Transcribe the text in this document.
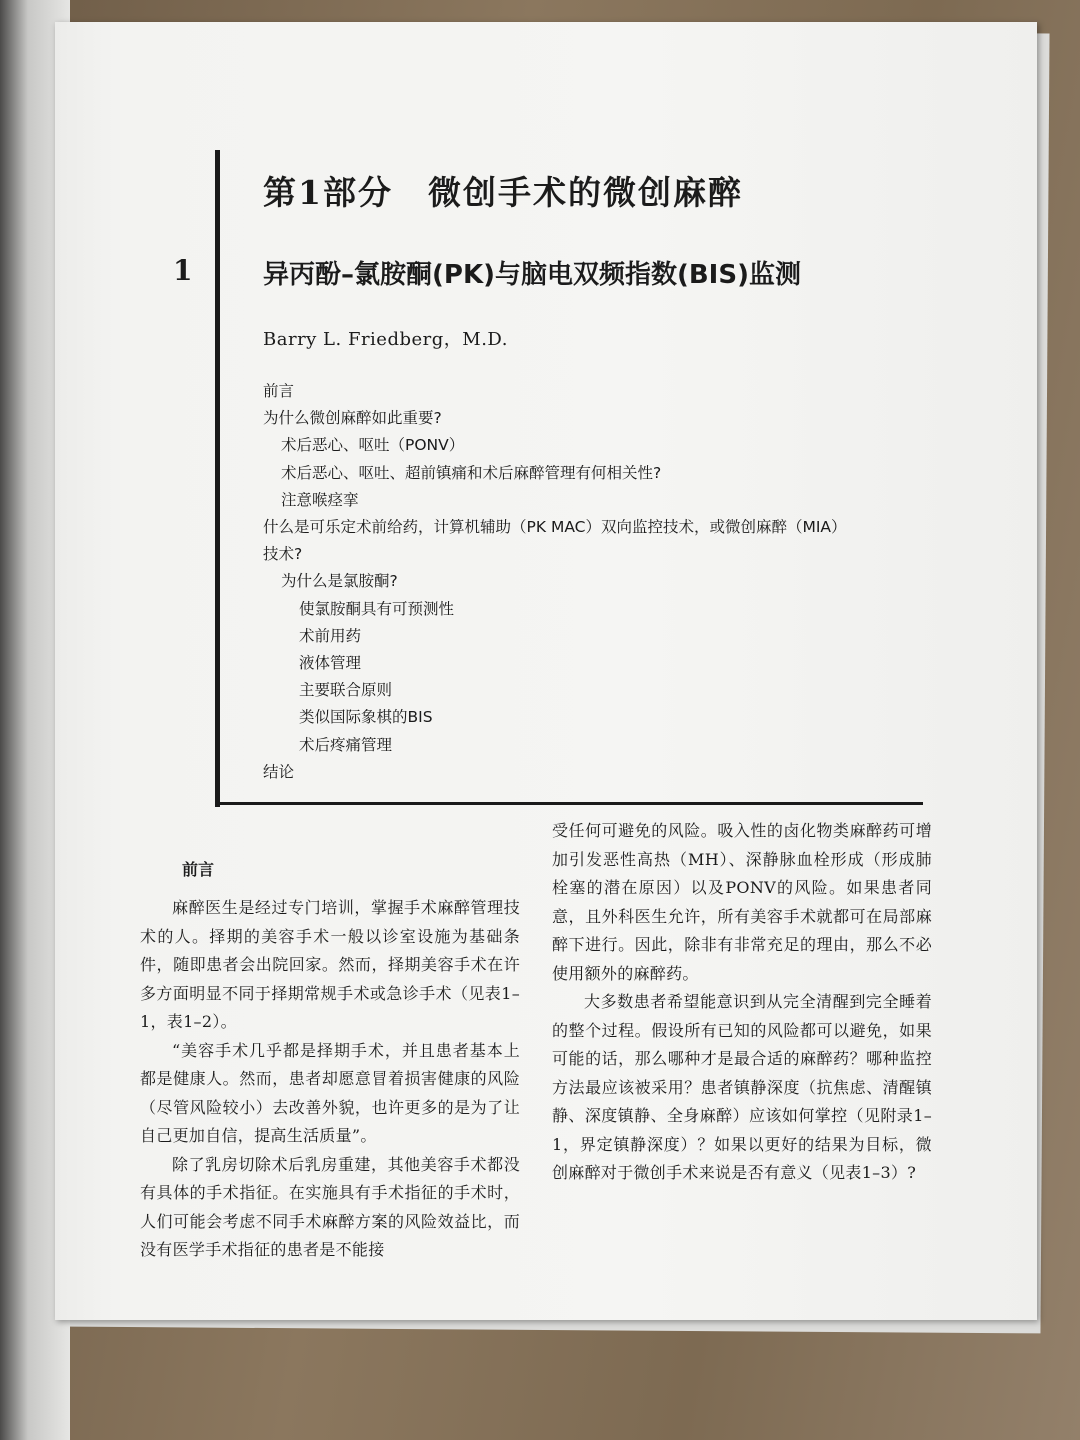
第1部分　微创手术的微创麻醉
1	异丙酚–氯胺酮(PK)与脑电双频指数(BIS)监测
Barry L. Friedberg，M.D.
前言
为什么微创麻醉如此重要?
术后恶心、呕吐（PONV）
术后恶心、呕吐、超前镇痛和术后麻醉管理有何相关性?
注意喉痉挛
什么是可乐定术前给药，计算机辅助（PK MAC）双向监控技术，或微创麻醉（MIA）
技术?
为什么是氯胺酮?
使氯胺酮具有可预测性
术前用药
液体管理
主要联合原则
类似国际象棋的BIS
术后疼痛管理
结论
前言

麻醉医生是经过专门培训，掌握手术麻醉管理技术的人。择期的美容手术一般以诊室设施为基础条件，随即患者会出院回家。然而，择期美容手术在许多方面明显不同于择期常规手术或急诊手术（见表1–1，表1–2）。

“美容手术几乎都是择期手术，并且患者基本上都是健康人。然而，患者却愿意冒着损害健康的风险（尽管风险较小）去改善外貌，也许更多的是为了让自己更加自信，提高生活质量”。

除了乳房切除术后乳房重建，其他美容手术都没有具体的手术指征。在实施具有手术指征的手术时，人们可能会考虑不同手术麻醉方案的风险效益比，而没有医学手术指征的患者是不能接

受任何可避免的风险。吸入性的卤化物类麻醉药可增加引发恶性高热（MH）、深静脉血栓形成（形成肺栓塞的潜在原因）以及PONV的风险。如果患者同意，且外科医生允许，所有美容手术就都可在局部麻醉下进行。因此，除非有非常充足的理由，那么不必使用额外的麻醉药。

大多数患者希望能意识到从完全清醒到完全睡着的整个过程。假设所有已知的风险都可以避免，如果可能的话，那么哪种才是最合适的麻醉药？哪种监控方法最应该被采用？患者镇静深度（抗焦虑、清醒镇静、深度镇静、全身麻醉）应该如何掌控（见附录1–1，界定镇静深度）？如果以更好的结果为目标，微创麻醉对于微创手术来说是否有意义（见表1–3）?
